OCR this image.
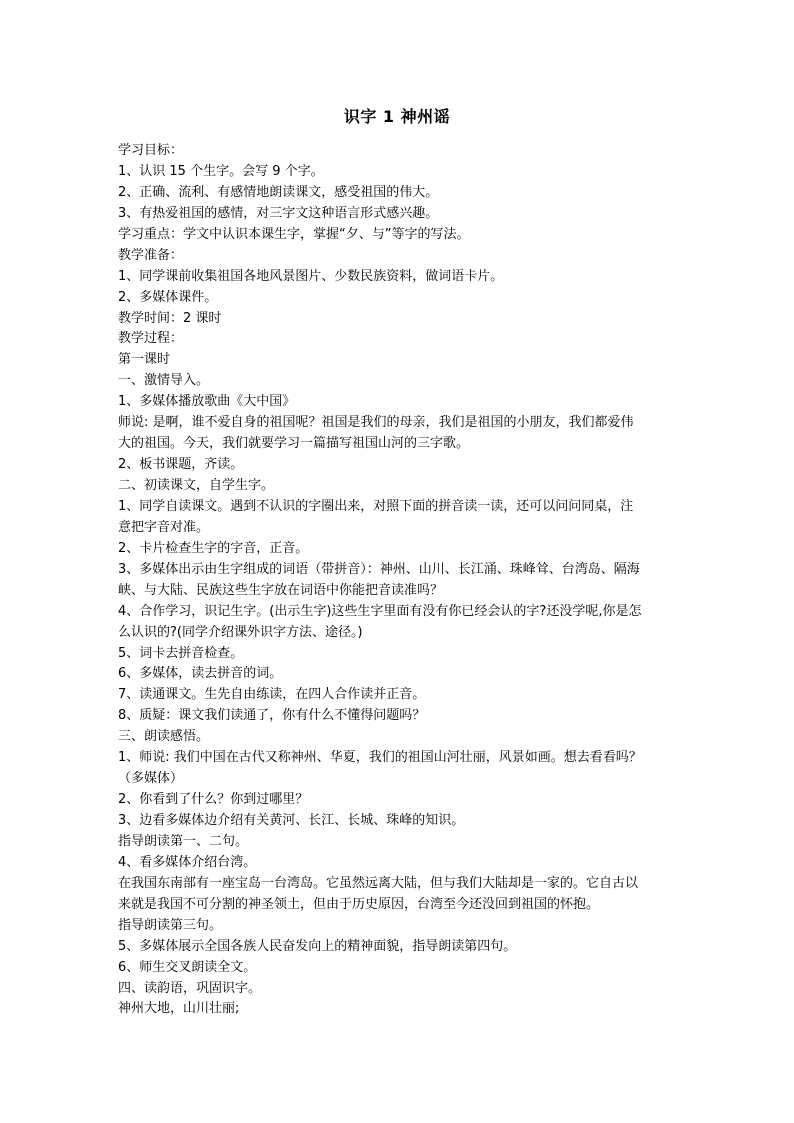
识字 1 神州谣
学习目标：
1、认识 15 个生字。会写 9 个字。
2、正确、流利、有感情地朗读课文，感受祖国的伟大。
3、有热爱祖国的感情，对三字文这种语言形式感兴趣。
学习重点：学文中认识本课生字，掌握“夕、与”等字的写法。
教学准备：
1、同学课前收集祖国各地风景图片、少数民族资料，做词语卡片。
2、多媒体课件。
教学时间：2 课时
教学过程：
第一课时
一、激情导入。
1、多媒体播放歌曲《大中国》
师说: 是啊，谁不爱自身的祖国呢？祖国是我们的母亲，我们是祖国的小朋友，我们都爱伟
大的祖国。今天，我们就要学习一篇描写祖国山河的三字歌。
2、板书课题，齐读。
二、初读课文，自学生字。
1、同学自读课文。遇到不认识的字圈出来，对照下面的拼音读一读，还可以问问同桌，注
意把字音对准。
2、卡片检查生字的字音，正音。
3、多媒体出示由生字组成的词语（带拼音）：神州、山川、长江涌、珠峰耸、台湾岛、隔海
峡、与大陆、民族这些生字放在词语中你能把音读准吗？
4、合作学习，识记生字。(出示生字)这些生字里面有没有你已经会认的字?还没学呢,你是怎
么认识的?(同学介绍课外识字方法、途径。)
5、词卡去拼音检查。
6、多媒体，读去拼音的词。
7、读通课文。生先自由练读，在四人合作读并正音。
8、质疑：课文我们读通了，你有什么不懂得问题吗？
三、朗读感悟。
1、师说: 我们中国在古代又称神州、华夏，我们的祖国山河壮丽，风景如画。想去看看吗？
（多媒体）
2、你看到了什么？你到过哪里？
3、边看多媒体边介绍有关黄河、长江、长城、珠峰的知识。
指导朗读第一、二句。
4、看多媒体介绍台湾。
在我国东南部有一座宝岛一台湾岛。它虽然远离大陆，但与我们大陆却是一家的。它自古以
来就是我国不可分割的神圣领土，但由于历史原因，台湾至今还没回到祖国的怀抱。
指导朗读第三句。
5、多媒体展示全国各族人民奋发向上的精神面貌，指导朗读第四句。
6、师生交叉朗读全文。
四、读韵语，巩固识字。
神州大地，山川壮丽;
